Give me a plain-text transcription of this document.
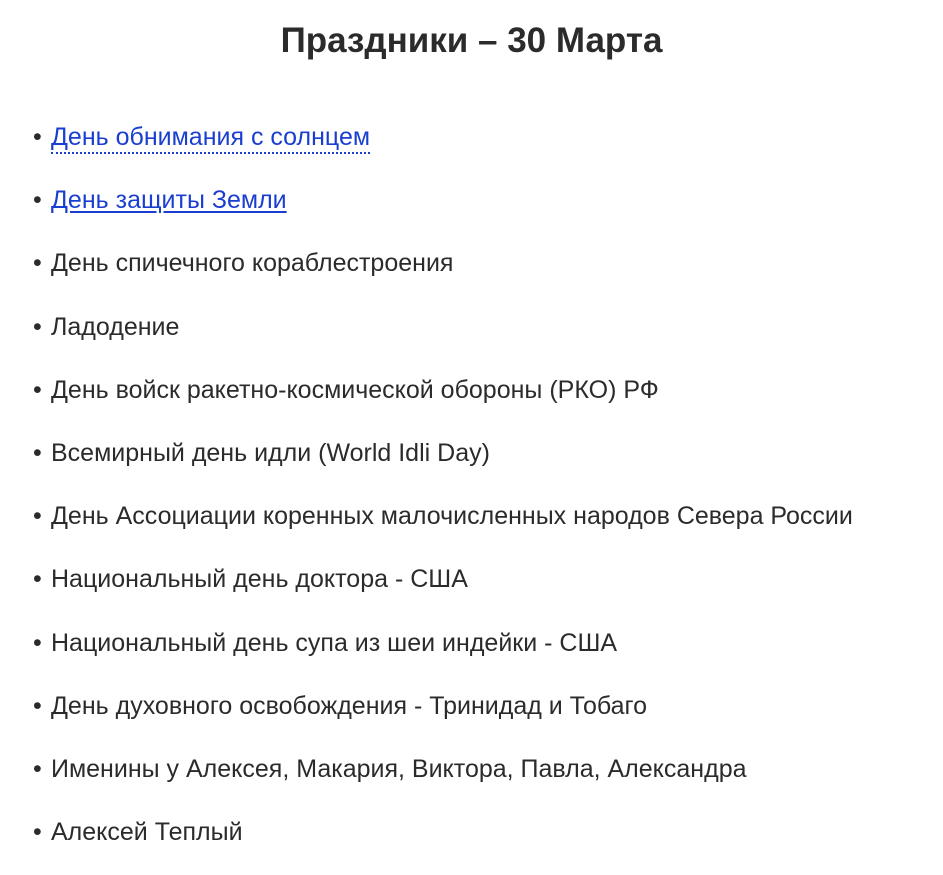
Праздники – 30 Марта
• День обнимания с солнцем
• День защиты Земли
• День спичечного кораблестроения
• Ладодение
• День войск ракетно-космической обороны (РКО) РФ
• Всемирный день идли (World Idli Day)
• День Ассоциации коренных малочисленных народов Севера России
• Национальный день доктора - США
• Национальный день супа из шеи индейки - США
• День духовного освобождения - Тринидад и Тобаго
• Именины у Алексея, Макария, Виктора, Павла, Александра
• Алексей Теплый
